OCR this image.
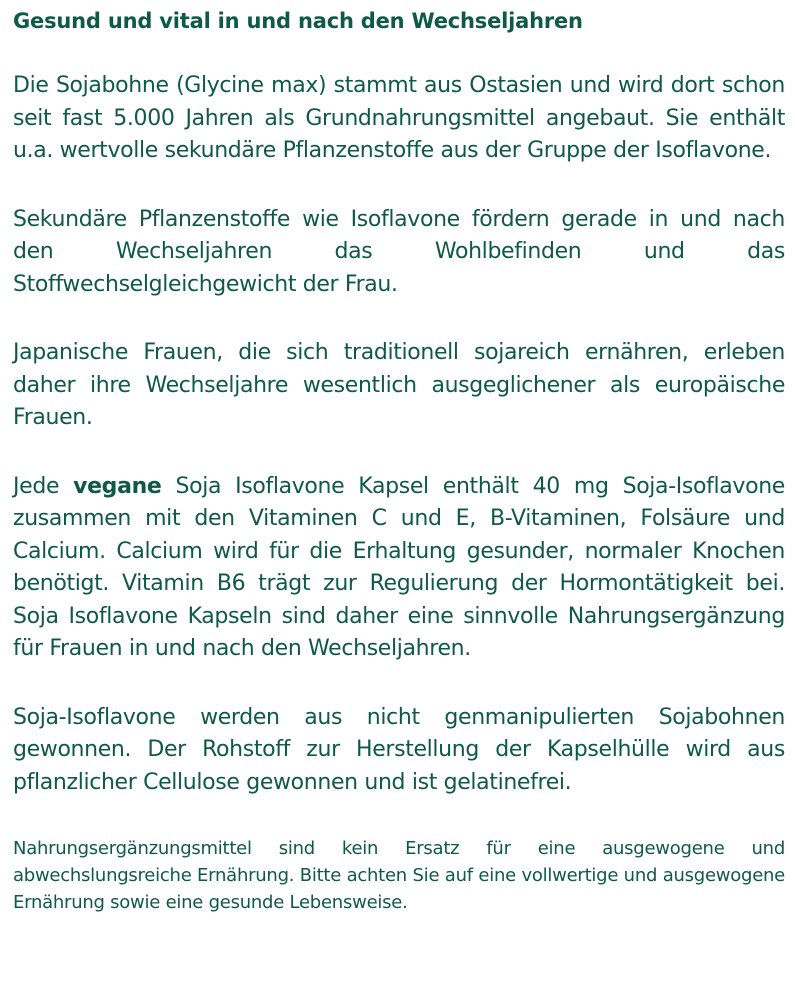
Gesund und vital in und nach den Wechseljahren

Die Sojabohne (Glycine max) stammt aus Ostasien und wird dort schon seit fast 5.000 Jahren als Grundnahrungsmittel angebaut. Sie enthält u.a. wertvolle sekundäre Pflanzenstoffe aus der Gruppe der Isoflavone.

Sekundäre Pflanzenstoffe wie Isoflavone fördern gerade in und nach den Wechseljahren das Wohlbefinden und das Stoffwechselgleichgewicht der Frau.

Japanische Frauen, die sich traditionell sojareich ernähren, erleben daher ihre Wechseljahre wesentlich ausgeglichener als europäische Frauen.

Jede vegane Soja Isoflavone Kapsel enthält 40 mg Soja-Isoflavone zusammen mit den Vitaminen C und E, B-Vitaminen, Folsäure und Calcium. Calcium wird für die Erhaltung gesunder, normaler Knochen benötigt. Vitamin B6 trägt zur Regulierung der Hormontätigkeit bei. Soja Isoflavone Kapseln sind daher eine sinnvolle Nahrungsergänzung für Frauen in und nach den Wechseljahren.

Soja-Isoflavone werden aus nicht genmanipulierten Sojabohnen gewonnen. Der Rohstoff zur Herstellung der Kapselhülle wird aus pflanzlicher Cellulose gewonnen und ist gelatinefrei.

Nahrungsergänzungsmittel sind kein Ersatz für eine ausgewogene und abwechslungsreiche Ernährung. Bitte achten Sie auf eine vollwertige und ausgewogene Ernährung sowie eine gesunde Lebensweise.
